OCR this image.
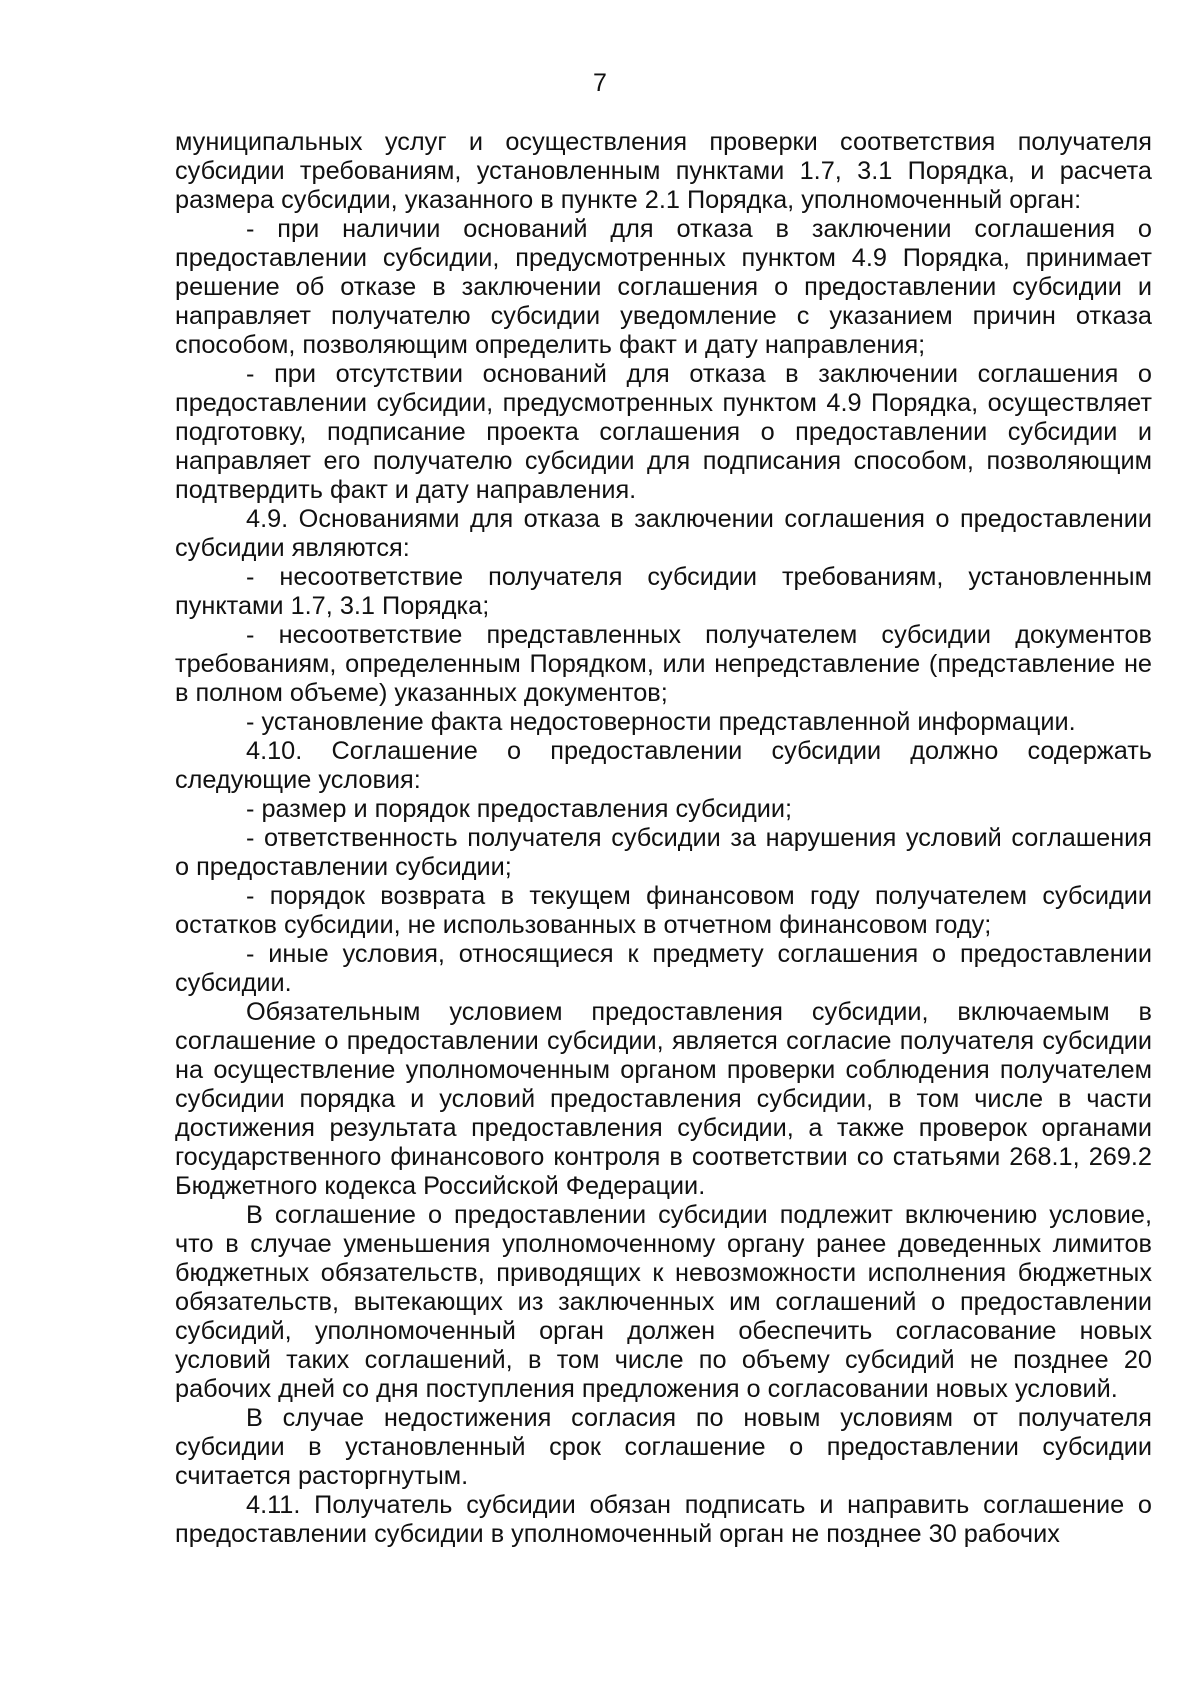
7

муниципальных услуг и осуществления проверки соответствия получателя субсидии требованиям, установленным пунктами 1.7, 3.1 Порядка, и расчета размера субсидии, указанного в пункте 2.1 Порядка, уполномоченный орган:

- при наличии оснований для отказа в заключении соглашения о предоставлении субсидии, предусмотренных пунктом 4.9 Порядка, принимает решение об отказе в заключении соглашения о предоставлении субсидии и направляет получателю субсидии уведомление с указанием причин отказа способом, позволяющим определить факт и дату направления;

- при отсутствии оснований для отказа в заключении соглашения о предоставлении субсидии, предусмотренных пунктом 4.9 Порядка, осуществляет подготовку, подписание проекта соглашения о предоставлении субсидии и направляет его получателю субсидии для подписания способом, позволяющим подтвердить факт и дату направления.

4.9. Основаниями для отказа в заключении соглашения о предоставлении субсидии являются:

- несоответствие получателя субсидии требованиям, установленным пунктами 1.7, 3.1 Порядка;

- несоответствие представленных получателем субсидии документов требованиям, определенным Порядком, или непредставление (представление не в полном объеме) указанных документов;

- установление факта недостоверности представленной информации.

4.10. Соглашение о предоставлении субсидии должно содержать следующие условия:

- размер и порядок предоставления субсидии;

- ответственность получателя субсидии за нарушения условий соглашения о предоставлении субсидии;

- порядок возврата в текущем финансовом году получателем субсидии остатков субсидии, не использованных в отчетном финансовом году;

- иные условия, относящиеся к предмету соглашения о предоставлении субсидии.

Обязательным условием предоставления субсидии, включаемым в соглашение о предоставлении субсидии, является согласие получателя субсидии на осуществление уполномоченным органом проверки соблюдения получателем субсидии порядка и условий предоставления субсидии, в том числе в части достижения результата предоставления субсидии, а также проверок органами государственного финансового контроля в соответствии со статьями 268.1, 269.2 Бюджетного кодекса Российской Федерации.

В соглашение о предоставлении субсидии подлежит включению условие, что в случае уменьшения уполномоченному органу ранее доведенных лимитов бюджетных обязательств, приводящих к невозможности исполнения бюджетных обязательств, вытекающих из заключенных им соглашений о предоставлении субсидий, уполномоченный орган должен обеспечить согласование новых условий таких соглашений, в том числе по объему субсидий не позднее 20 рабочих дней со дня поступления предложения о согласовании новых условий.

В случае недостижения согласия по новым условиям от получателя субсидии в установленный срок соглашение о предоставлении субсидии считается расторгнутым.

4.11. Получатель субсидии обязан подписать и направить соглашение о предоставлении субсидии в уполномоченный орган не позднее 30 рабочих
